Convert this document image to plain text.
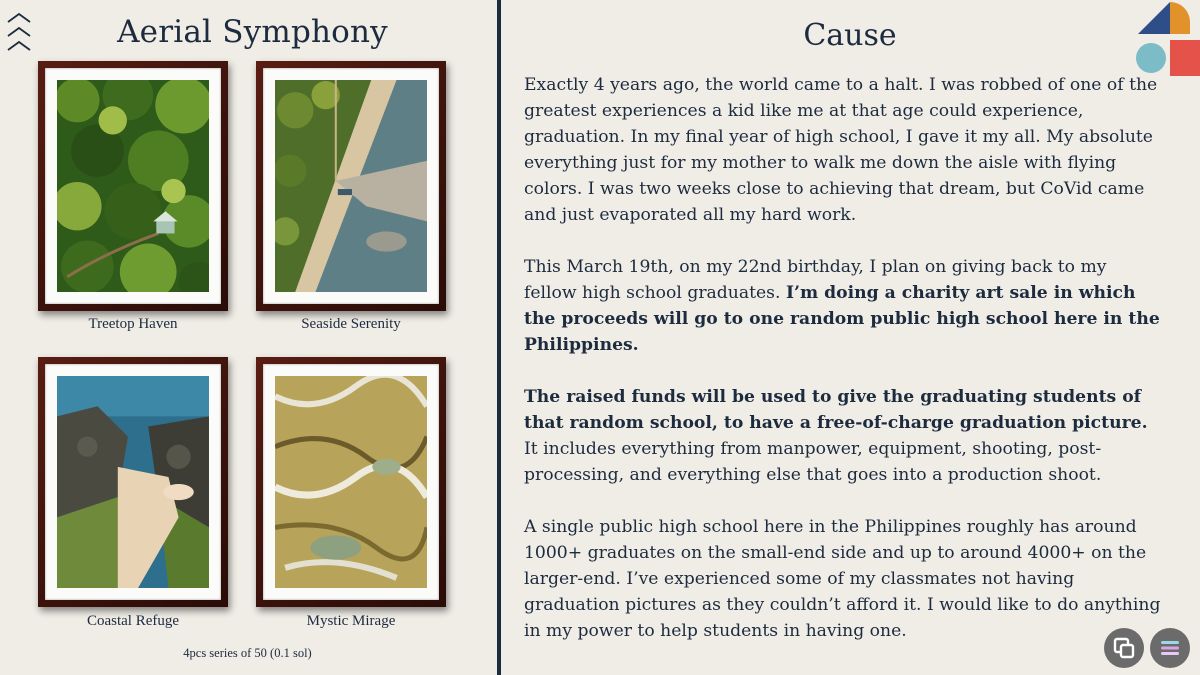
Aerial Symphony
Treetop Haven	Seaside Serenity
Coastal Refuge	Mystic Mirage
4pcs series of 50 (0.1 sol)
Cause

Exactly 4 years ago, the world came to a halt. I was robbed of one of the greatest experiences a kid like me at that age could experience, graduation. In my final year of high school, I gave it my all. My absolute everything just for my mother to walk me down the aisle with flying colors. I was two weeks close to achieving that dream, but CoVid came and just evaporated all my hard work.

This March 19th, on my 22nd birthday, I plan on giving back to my fellow high school graduates. I’m doing a charity art sale in which the proceeds will go to one random public high school here in the Philippines.

The raised funds will be used to give the graduating students of that random school, to have a free-of-charge graduation picture. It includes everything from manpower, equipment, shooting, post-processing, and everything else that goes into a production shoot.

A single public high school here in the Philippines roughly has around 1000+ graduates on the small-end side and up to around 4000+ on the larger-end. I’ve experienced some of my classmates not having graduation pictures as they couldn’t afford it. I would like to do anything in my power to help students in having one.
